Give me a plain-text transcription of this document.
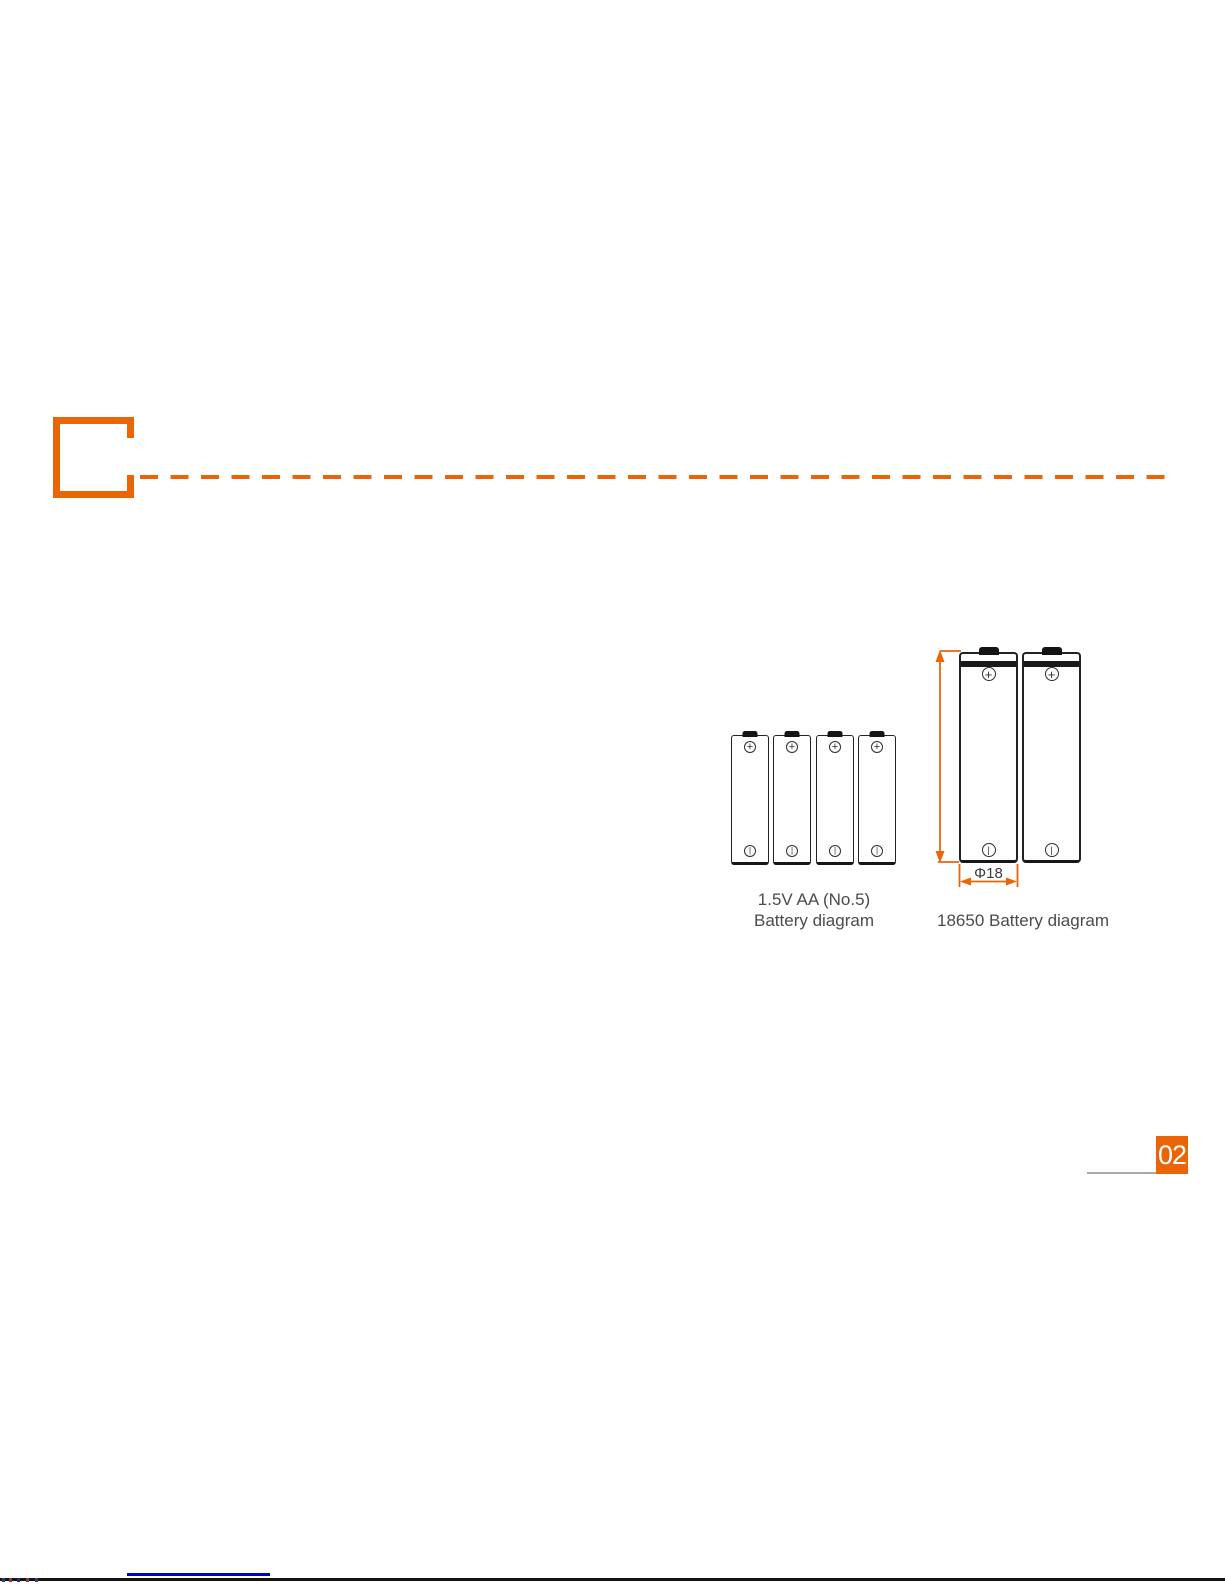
+
|
+
|
+
|
+
|
+
|
+
|
Φ18
1.5V AA (No.5)
Battery diagram	18650 Battery diagram
02
